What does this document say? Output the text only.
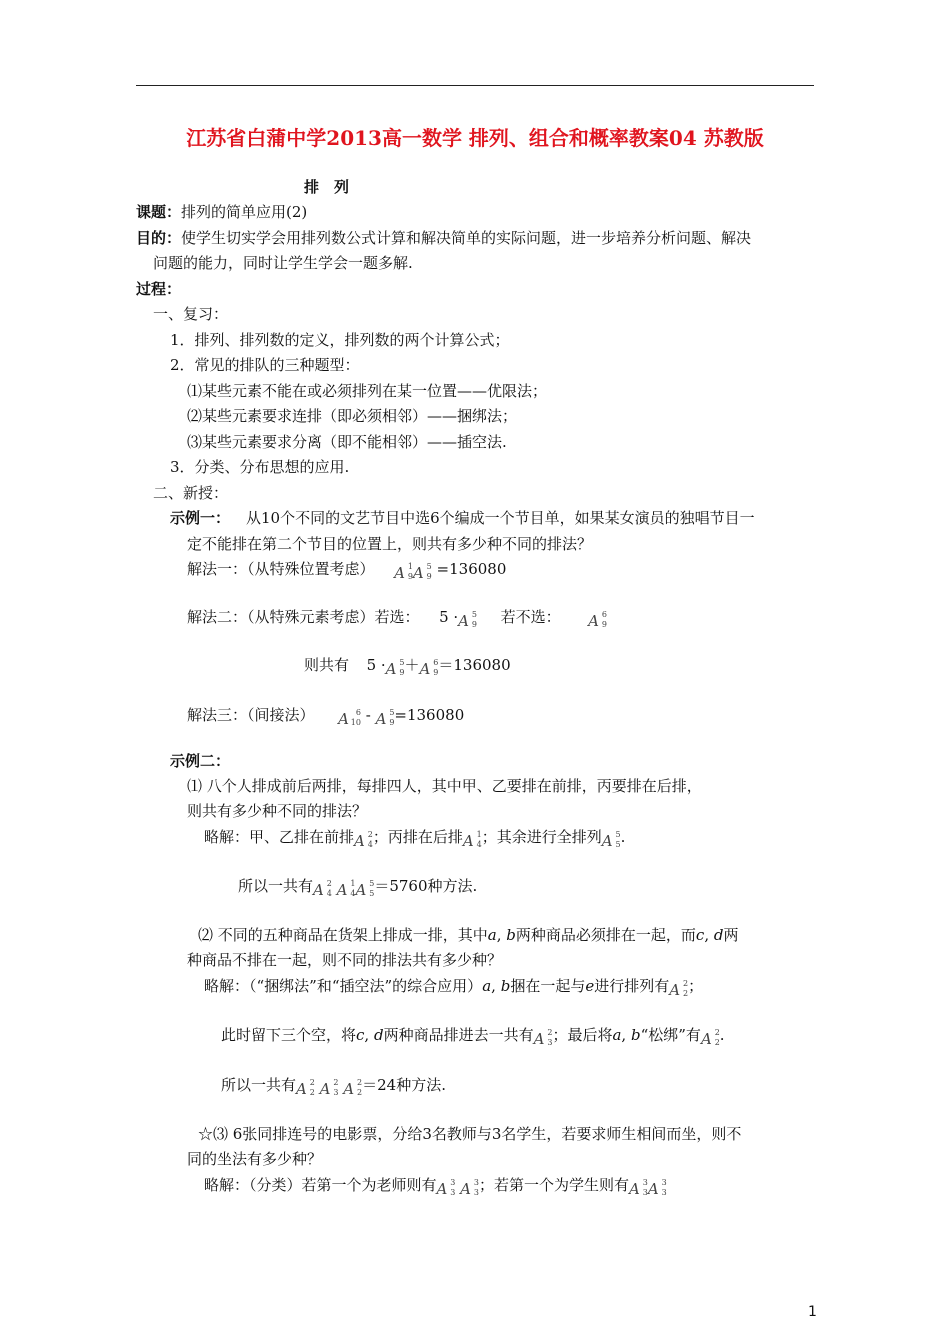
江苏省白蒲中学2013高一数学 排列、组合和概率教案04 苏教版
排　列
课题：排列的简单应用(2)
目的：使学生切实学会用排列数公式计算和解决简单的实际问题，进一步培养分析问题、解决
问题的能力，同时让学生学会一题多解.
过程：
一、复习：
1．排列、排列数的定义，排列数的两个计算公式；
2．常见的排队的三种题型：
⑴某些元素不能在或必须排列在某一位置——优限法；
⑵某些元素要求连排（即必须相邻）——捆绑法；
⑶某些元素要求分离（即不能相邻）——插空法.
3．分类、分布思想的应用.
二、新授：
示例一： 从10个不同的文艺节目中选6个编成一个节目单，如果某女演员的独唱节目一
定不能排在第二个节目的位置上，则共有多少种不同的排法？
解法一：（从特殊位置考虑） A 1
9 A 5
9 =136080
解法二：（从特殊元素考虑）若选： 5 ·A 5
9 若不选： A 6
9
则共有 5 ·A 5
9 ＋A 6
9 ＝136080
解法三：（间接法） A 6
10 - A 5
9 =136080
示例二：
⑴ 八个人排成前后两排，每排四人，其中甲、乙要排在前排，丙要排在后排，
则共有多少种不同的排法？
略解：甲、乙排在前排A 2
4 ；丙排在后排A 1
4 ；其余进行全排列A 5
5 .
所以一共有A 2
4 A 1
4 A 5
5 ＝5760种方法.
⑵ 不同的五种商品在货架上排成一排，其中a, b两种商品必须排在一起，而c, d两
种商品不排在一起，则不同的排法共有多少种？
略解：（“捆绑法”和“插空法”的综合应用）a, b捆在一起与e进行排列有A 2
2 ；
此时留下三个空，将c, d两种商品排进去一共有A 2
3 ；最后将a, b“松绑”有A 2
2 .
所以一共有A 2
2 A 2
3 A 2
2 ＝24种方法.
☆⑶ 6张同排连号的电影票，分给3名教师与3名学生，若要求师生相间而坐，则不
同的坐法有多少种？
略解：（分类）若第一个为老师则有A 3
3 A 3
3 ；若第一个为学生则有A 3
3 A 3
3
1
